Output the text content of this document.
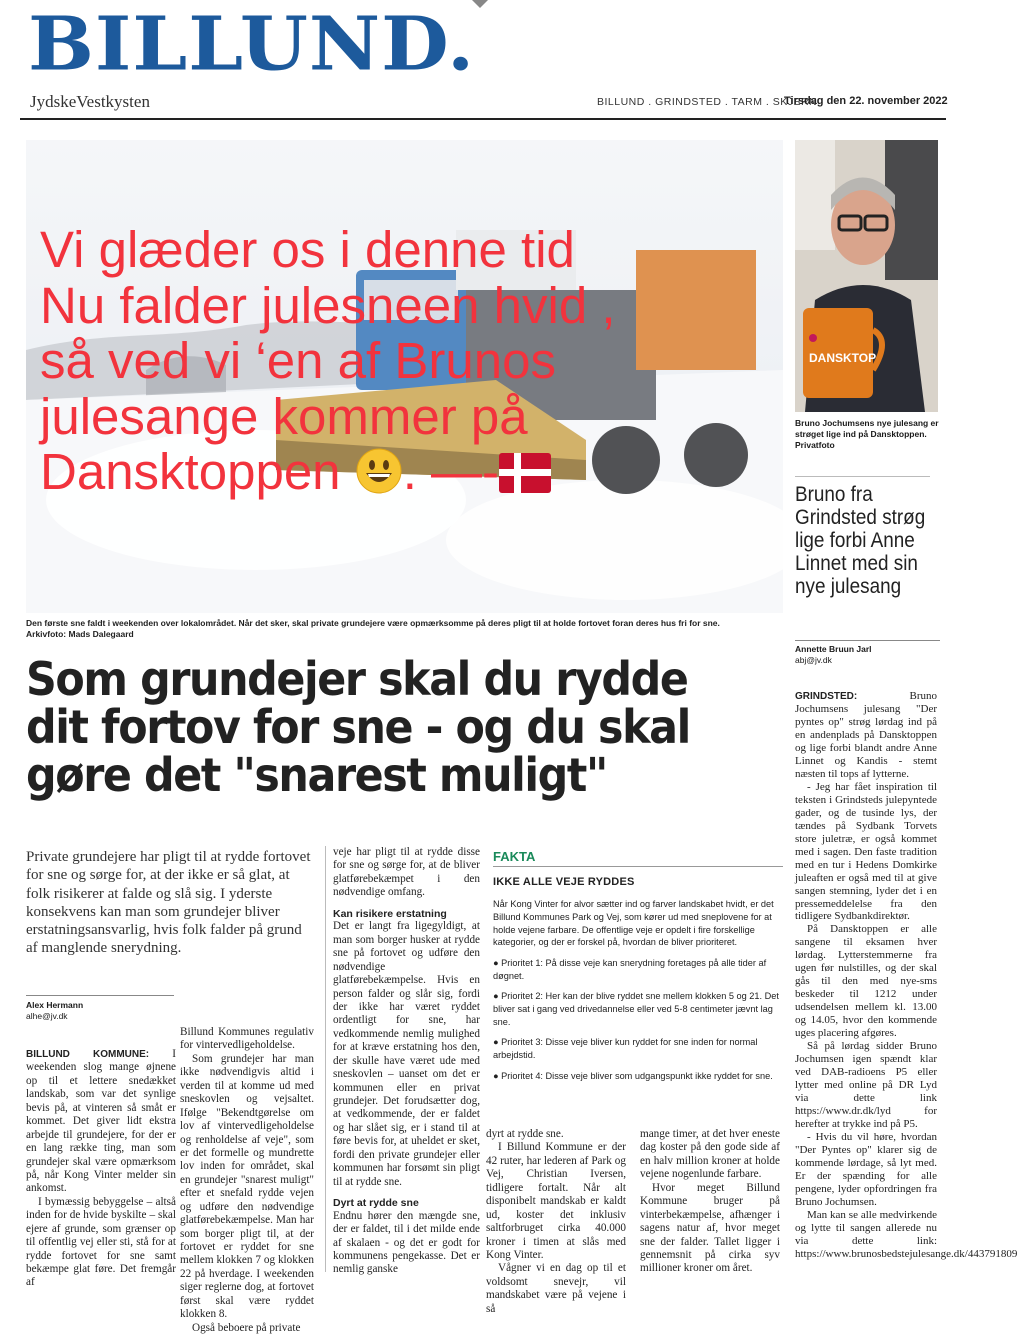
BILLUND.
JydskeVestkysten	BILLUND . GRINDSTED . TARM . SKJERN
Tirsdag den 22. november 2022
Den første sne faldt i weekenden over lokalområdet. Når det sker, skal private grundejere være opmærksomme på deres pligt til at holde fortovet foran deres hus fri for sne.
Arkivfoto: Mads Dalegaard
Vi glæder os i denne tid
Nu falder julesneen hvid ,
så ved vi ‘en af Brunos
julesange kommer på
Dansktoppen . —-
Som grundejer skal du rydde dit fortov for sne - og du skal gøre det "snarest muligt"
Private grundejere har pligt til at rydde fortovet for sne og sørge for, at der ikke er så glat, at folk risikerer at falde og slå sig. I yderste konsekvens kan man som grundejer bliver erstatningsansvarlig, hvis folk falder på grund af manglende snerydning.
Alex Hermann
alhe@jv.dk

BILLUND KOMMUNE: I weekenden slog mange øjnene op til et lettere snedækket landskab, som var det synlige bevis på, at vinteren så småt er kommet. Det giver lidt ekstra arbejde til grundejere, for der er en lang række ting, man som grundejer skal være opmærksom på, når Kong Vinter melder sin ankomst.

I bymæssig bebyggelse – altså inden for de hvide byskilte – skal ejere af grunde, som grænser op til offentlig vej eller sti, stå for at rydde fortovet for sne samt bekæmpe glat føre. Det fremgår af

Billund Kommunes regulativ for vintervedligeholdelse.

Som grundejer har man ikke nødvendigvis altid i verden til at komme ud med sneskovlen og vejsaltet. Ifølge "Bekendtgørelse om lov af vintervedligeholdelse og renholdelse af veje", som er det formelle og mundrette lov inden for området, skal en grundejer "snarest muligt" efter et snefald rydde vejen og udføre den nødvendige glatførebekæmpelse. Man har som borger pligt til, at der fortovet er ryddet for sne mellem klokken 7 og klokken 22 på hverdage. I weekenden siger reglerne dog, at fortovet først skal være ryddet klokken 8.

Også beboere på private

veje har pligt til at rydde disse for sne og sørge for, at de bliver glatførebekæmpet i den nødvendige omfang.

Kan risikere erstatning

Det er langt fra ligegyldigt, at man som borger husker at rydde sne på fortovet og udføre den nødvendige glatførebekæmpelse. Hvis en person falder og slår sig, fordi der ikke har været ryddet ordentligt for sne, har vedkommende nemlig mulighed for at kræve erstatning hos den, der skulle have været ude med sneskovlen – uanset om det er kommunen eller en privat grundejer. Det forudsætter dog, at vedkommende, der er faldet og har slået sig, er i stand til at føre bevis for, at uheldet er sket, fordi den private grundejer eller kommunen har forsømt sin pligt til at rydde sne.

Dyrt at rydde sne

Endnu hører den mængde sne, der er faldet, til i det milde ende af skalaen - og det er godt for kommunens pengekasse. Det er nemlig ganske

dyrt at rydde sne.

I Billund Kommune er der 42 ruter, har lederen af Park og Vej, Christian Iversen, tidligere fortalt. Når alt disponibelt mandskab er kaldt ud, koster det inklusiv saltforbruget cirka 40.000 kroner i timen at slås med Kong Vinter.

Vågner vi en dag op til et voldsomt snevejr, vil mandskabet være på vejene i så

mange timer, at det hver eneste dag koster på den gode side af en halv million kroner at holde vejene nogenlunde farbare.

Hvor meget Billund Kommune bruger på vinterbekæmpelse, afhænger i sagens natur af, hvor meget sne der falder. Tallet ligger i gennemsnit på cirka syv millioner kroner om året.

FAKTA
IKKE ALLE VEJE RYDDES

Når Kong Vinter for alvor sætter ind og farver landskabet hvidt, er det Billund Kommunes Park og Vej, som kører ud med sneplovene for at holde vejene farbare. De offentlige veje er opdelt i fire forskellige kategorier, og der er forskel på, hvordan de bliver prioriteret.

● Prioritet 1: På disse veje kan snerydning foretages på alle tider af døgnet.
● Prioritet 2: Her kan der blive ryddet sne mellem klokken 5 og 21. Det bliver sat i gang ved drivedannelse eller ved 5-8 centimeter jævnt lag sne.
● Prioritet 3: Disse veje bliver kun ryddet for sne inden for normal arbejdstid.
● Prioritet 4: Disse veje bliver som udgangspunkt ikke ryddet for sne.
DANSKTOP
Bruno Jochumsens nye julesang er strøget lige ind på Dansktoppen. Privatfoto
Bruno fra Grindsted strøg lige forbi Anne Linnet med sin nye julesang
Annette Bruun Jarl
abj@jv.dk

GRINDSTED:	Bruno Jochumsens julesang "Der pyntes op" strøg lørdag ind på en andenplads på Dansktoppen og lige forbi blandt andre Anne Linnet og Kandis - stemt næsten til tops af lytterne.

- Jeg har fået inspiration til teksten i Grindsteds julepyntede gader, og de tusinde lys, der tændes på Sydbank Torvets store juletræ, er også kommet med i sagen. Den faste tradition med en tur i Hedens Domkirke juleaften er også med til at give sangen stemning, lyder det i en pressemeddelelse fra den tidligere Sydbankdirektør.

På Dansktoppen er alle sangene til eksamen hver lørdag. Lytterstemmerne fra ugen før nulstilles, og der skal gås til den med nye-sms beskeder til 1212 under udsendelsen mellem kl. 13.00 og 14.05, hvor den kommende uges placering afgøres.

Så på lørdag sidder Bruno Jochumsen igen spændt klar ved DAB-radioens P5 eller lytter med online på DR Lyd via dette link https://www.dr.dk/lyd for herefter at trykke ind på P5.

- Hvis du vil høre, hvordan "Der Pyntes op" klarer sig de kommende lørdage, så lyt med. Er der spænding for alle pengene, lyder opfordringen fra Bruno Jochumsen.

Man kan se alle medvirkende og lytte til sangen allerede nu via dette link: https://www.brunosbedstejulesange.dk/443791809
